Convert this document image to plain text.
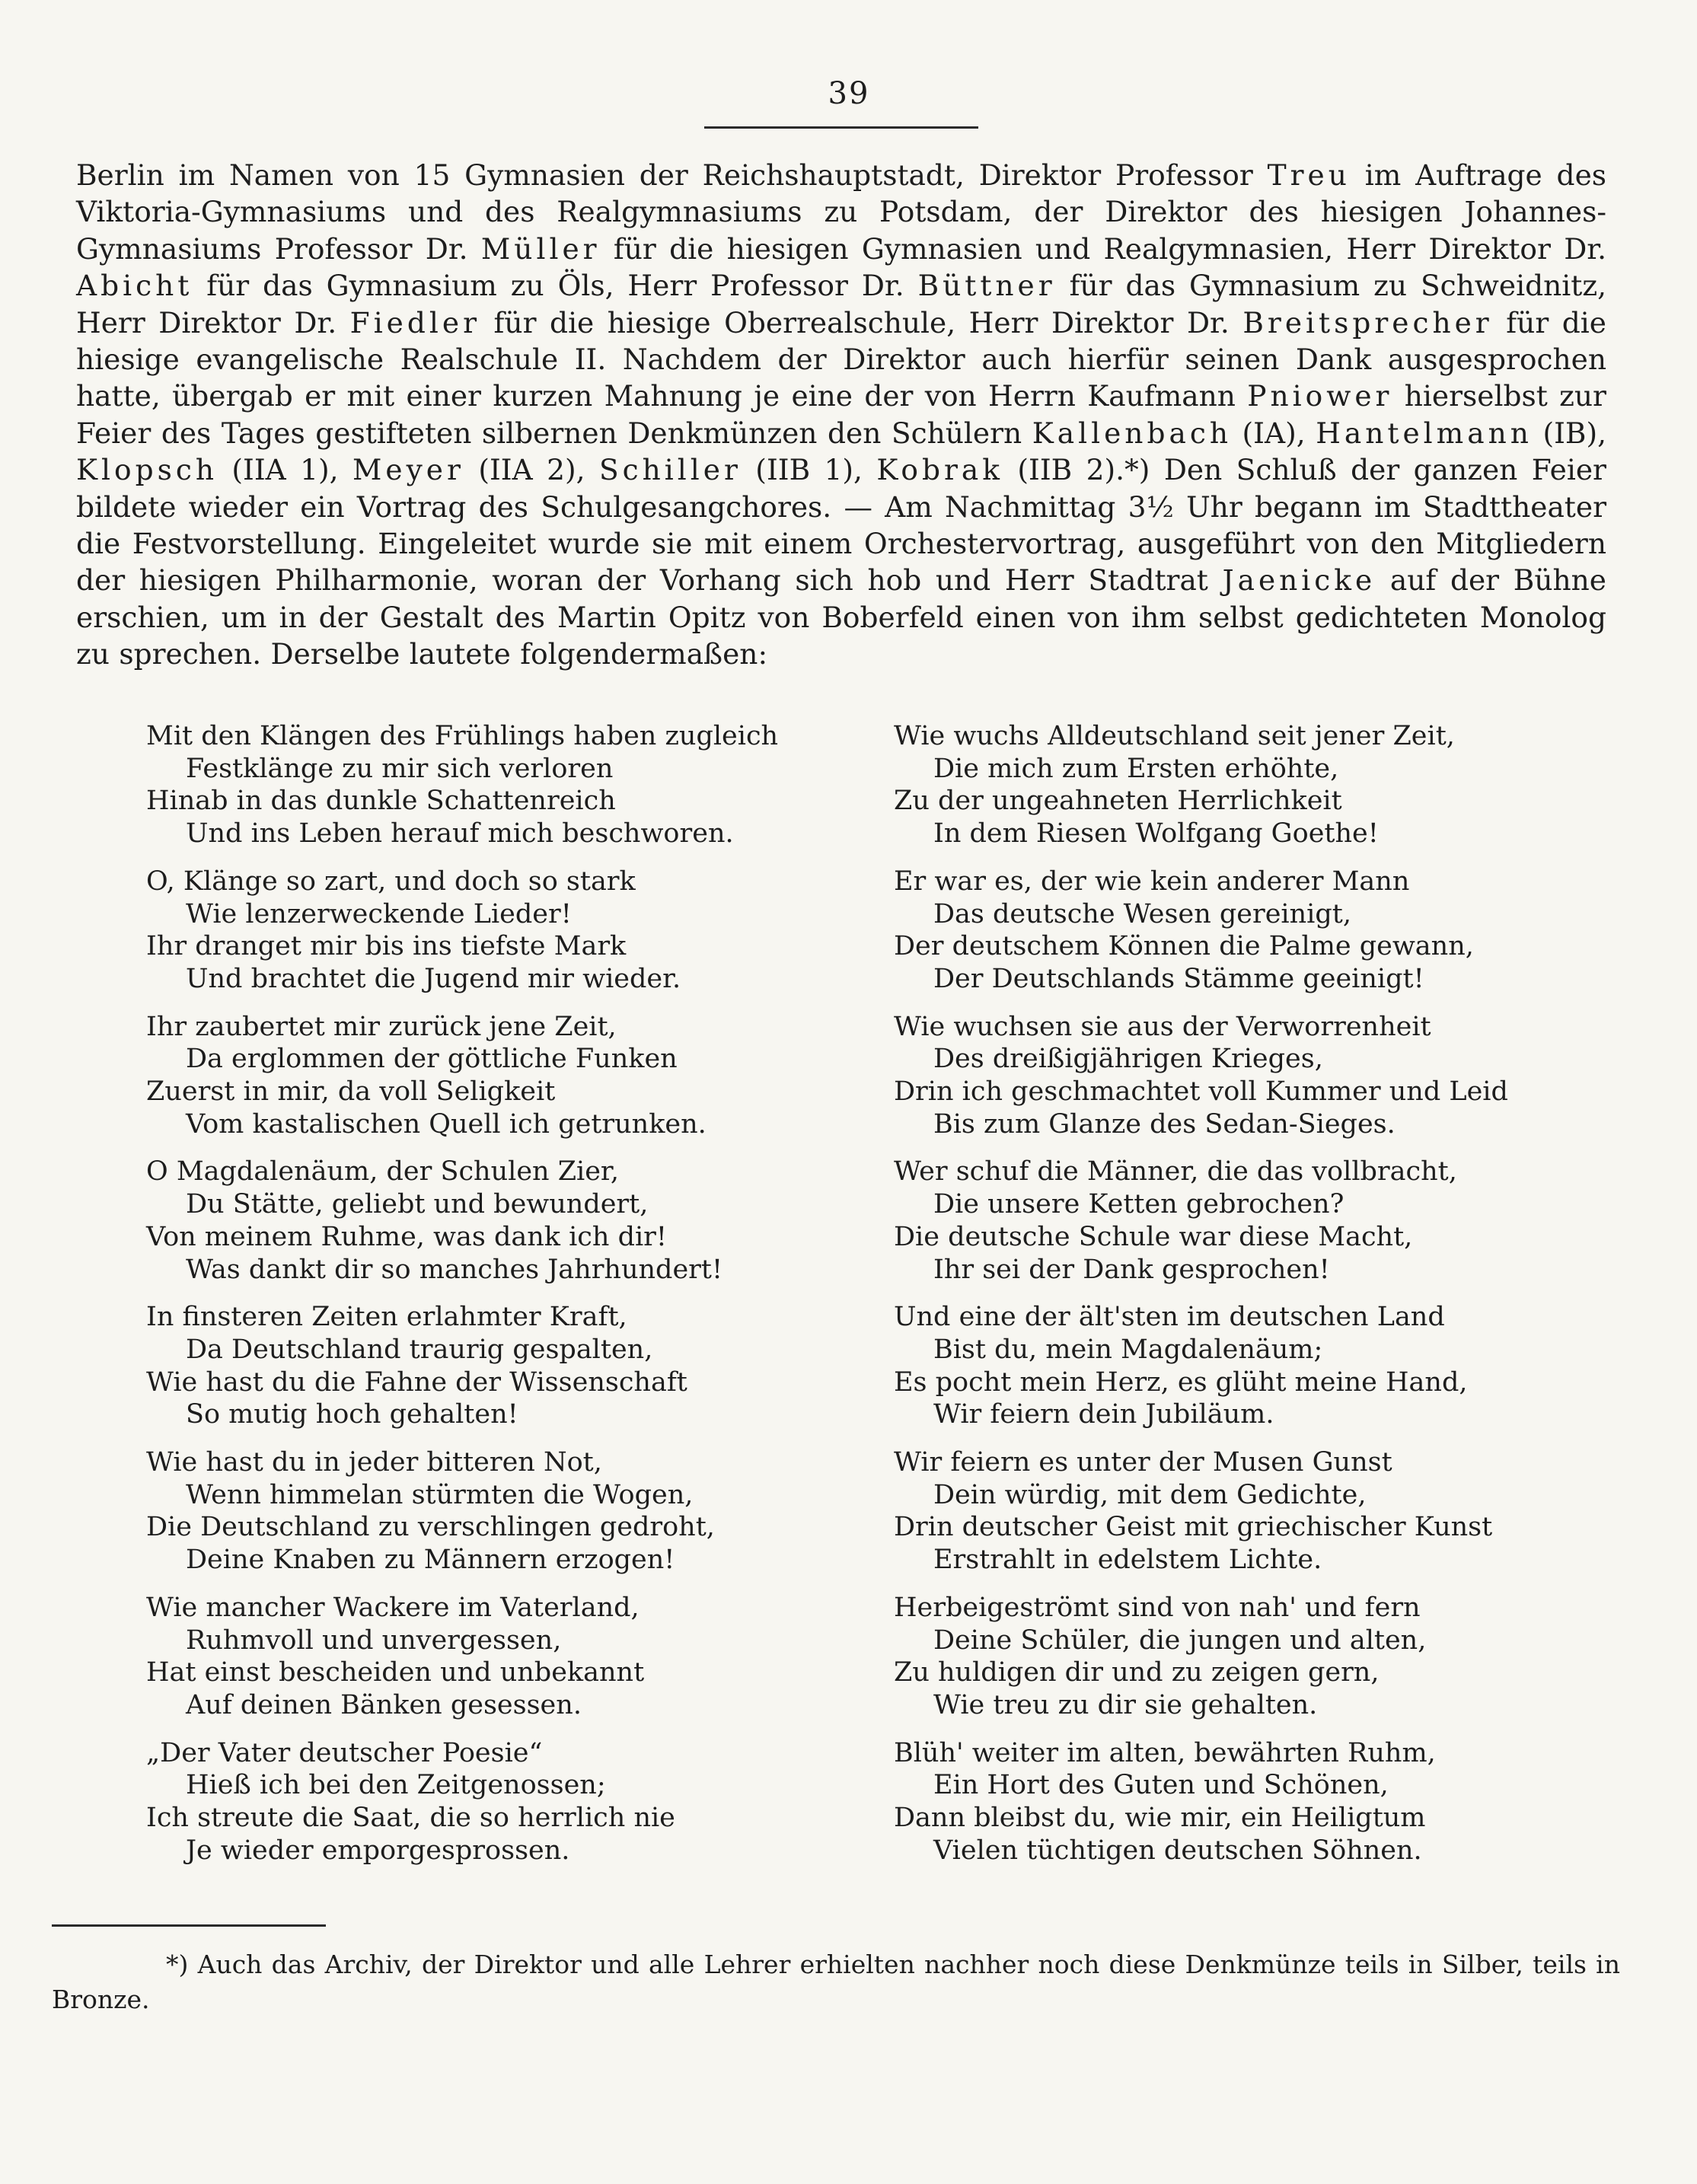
39
Berlin im Namen von 15 Gymnasien der Reichshauptstadt, Direktor Professor Treu im Auftrage des Viktoria-Gymnasiums und des Realgymnasiums zu Potsdam, der Direktor des hiesigen Johannes-Gymnasiums Professor Dr. Müller für die hiesigen Gymnasien und Realgymnasien, Herr Direktor Dr. Abicht für das Gymnasium zu Öls, Herr Professor Dr. Büttner für das Gymnasium zu Schweidnitz, Herr Direktor Dr. Fiedler für die hiesige Oberrealschule, Herr Direktor Dr. Breitsprecher für die hiesige evangelische Realschule II. Nachdem der Direktor auch hierfür seinen Dank ausgesprochen hatte, übergab er mit einer kurzen Mahnung je eine der von Herrn Kaufmann Pniower hierselbst zur Feier des Tages gestifteten silbernen Denkmünzen den Schülern Kallenbach (IA), Hantelmann (IB), Klopsch (IIA 1), Meyer (IIA 2), Schiller (IIB 1), Kobrak (IIB 2).*) Den Schluß der ganzen Feier bildete wieder ein Vortrag des Schulgesangchores. — Am Nachmittag 3½ Uhr begann im Stadttheater die Festvorstellung. Eingeleitet wurde sie mit einem Orchestervortrag, ausgeführt von den Mitgliedern der hiesigen Philharmonie, woran der Vorhang sich hob und Herr Stadtrat Jaenicke auf der Bühne erschien, um in der Gestalt des Martin Opitz von Boberfeld einen von ihm selbst gedichteten Monolog zu sprechen. Derselbe lautete folgendermaßen:
Mit den Klängen des Frühlings haben zugleich
Festklänge zu mir sich verloren
Hinab in das dunkle Schattenreich
Und ins Leben herauf mich beschworen.
O, Klänge so zart, und doch so stark
Wie lenzerweckende Lieder!
Ihr dranget mir bis ins tiefste Mark
Und brachtet die Jugend mir wieder.
Ihr zaubertet mir zurück jene Zeit,
Da erglommen der göttliche Funken
Zuerst in mir, da voll Seligkeit
Vom kastalischen Quell ich getrunken.
O Magdalenäum, der Schulen Zier,
Du Stätte, geliebt und bewundert,
Von meinem Ruhme, was dank ich dir!
Was dankt dir so manches Jahrhundert!
In finsteren Zeiten erlahmter Kraft,
Da Deutschland traurig gespalten,
Wie hast du die Fahne der Wissenschaft
So mutig hoch gehalten!
Wie hast du in jeder bitteren Not,
Wenn himmelan stürmten die Wogen,
Die Deutschland zu verschlingen gedroht,
Deine Knaben zu Männern erzogen!
Wie mancher Wackere im Vaterland,
Ruhmvoll und unvergessen,
Hat einst bescheiden und unbekannt
Auf deinen Bänken gesessen.
„Der Vater deutscher Poesie“
Hieß ich bei den Zeitgenossen;
Ich streute die Saat, die so herrlich nie
Je wieder emporgesprossen.
Wie wuchs Alldeutschland seit jener Zeit,
Die mich zum Ersten erhöhte,
Zu der ungeahneten Herrlichkeit
In dem Riesen Wolfgang Goethe!
Er war es, der wie kein anderer Mann
Das deutsche Wesen gereinigt,
Der deutschem Können die Palme gewann,
Der Deutschlands Stämme geeinigt!
Wie wuchsen sie aus der Verworrenheit
Des dreißigjährigen Krieges,
Drin ich geschmachtet voll Kummer und Leid
Bis zum Glanze des Sedan-Sieges.
Wer schuf die Männer, die das vollbracht,
Die unsere Ketten gebrochen?
Die deutsche Schule war diese Macht,
Ihr sei der Dank gesprochen!
Und eine der ält'sten im deutschen Land
Bist du, mein Magdalenäum;
Es pocht mein Herz, es glüht meine Hand,
Wir feiern dein Jubiläum.
Wir feiern es unter der Musen Gunst
Dein würdig, mit dem Gedichte,
Drin deutscher Geist mit griechischer Kunst
Erstrahlt in edelstem Lichte.
Herbeigeströmt sind von nah' und fern
Deine Schüler, die jungen und alten,
Zu huldigen dir und zu zeigen gern,
Wie treu zu dir sie gehalten.
Blüh' weiter im alten, bewährten Ruhm,
Ein Hort des Guten und Schönen,
Dann bleibst du, wie mir, ein Heiligtum
Vielen tüchtigen deutschen Söhnen.
*) Auch das Archiv, der Direktor und alle Lehrer erhielten nachher noch diese Denkmünze teils in Silber, teils in Bronze.
